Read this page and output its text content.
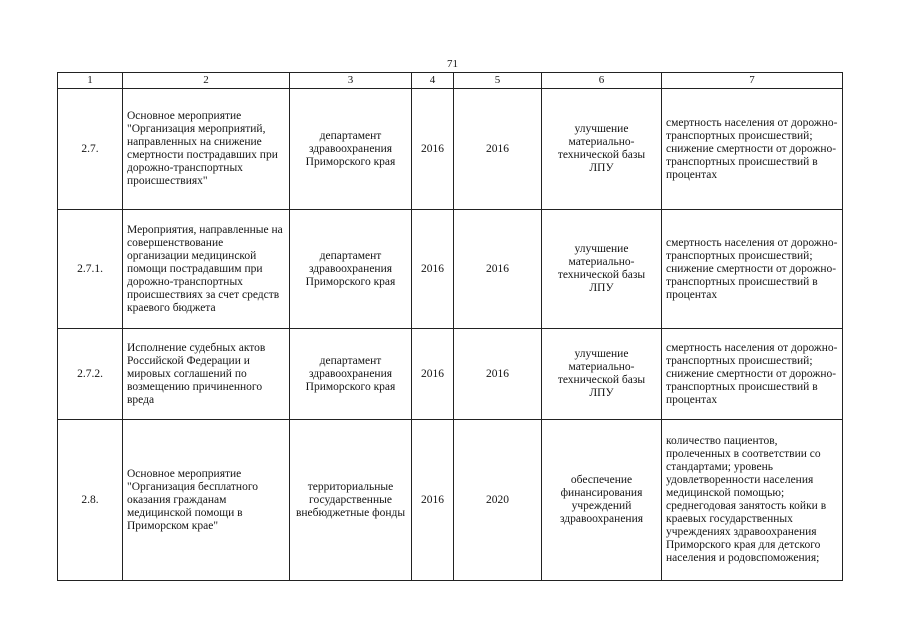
71
1	2	3	4	5	6	7
2.7.	Основное мероприятие "Организация мероприятий, направленных на снижение смертности пострадавших при дорожно-транспортных происшествиях"	департамент здравоохранения Приморского края	2016	2016	улучшение материально-технической базы ЛПУ	смертность населения от дорожно-транспортных происшествий; снижение смертности от дорожно-транспортных происшествий в процентах
2.7.1.	Мероприятия, направленные на совершенствование организации медицинской помощи пострадавшим при дорожно-транспортных происшествиях за счет средств краевого бюджета	департамент здравоохранения Приморского края	2016	2016	улучшение материально-технической базы ЛПУ	смертность населения от дорожно-транспортных происшествий; снижение смертности от дорожно-транспортных происшествий в процентах
2.7.2.	Исполнение судебных актов Российской Федерации и мировых соглашений по возмещению причиненного вреда	департамент здравоохранения Приморского края	2016	2016	улучшение материально-технической базы ЛПУ	смертность населения от дорожно-транспортных происшествий; снижение смертности от дорожно-транспортных происшествий в процентах
2.8.	Основное мероприятие "Организация бесплатного оказания гражданам медицинской помощи в Приморском крае"	территориальные государственные внебюджетные фонды	2016	2020	обеспечение финансирования учреждений здравоохранения	количество пациентов, пролеченных в соответствии со стандартами; уровень удовлетворенности населения медицинской помощью; среднегодовая занятость койки в краевых государственных учреждениях здравоохранения Приморского края для детского населения и родовспоможения;
